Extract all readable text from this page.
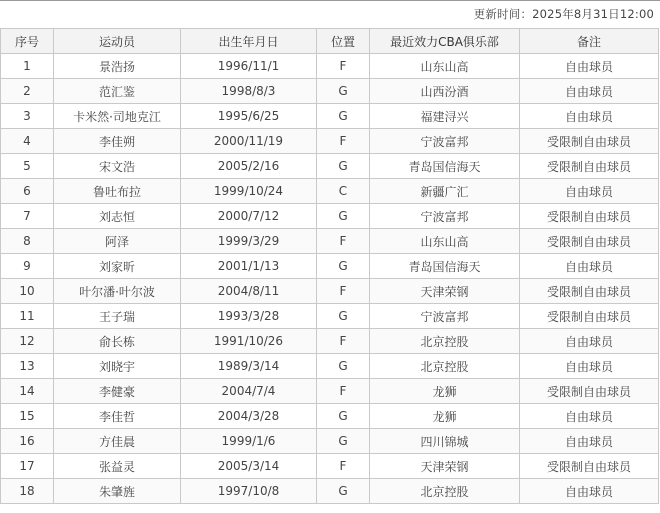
更新时间：2025年8月31日12:00
序号	运动员	出生年月日	位置	最近效力CBA俱乐部	备注
1	景浩扬	1996/11/1	F	山东山高	自由球员
2	范汇鉴	1998/8/3	G	山西汾酒	自由球员
3	卡米然·司地克江	1995/6/25	G	福建浔兴	自由球员
4	李佳朔	2000/11/19	F	宁波富邦	受限制自由球员
5	宋文浩	2005/2/16	G	青岛国信海天	受限制自由球员
6	鲁吐布拉	1999/10/24	C	新疆广汇	自由球员
7	刘志恒	2000/7/12	G	宁波富邦	受限制自由球员
8	阿泽	1999/3/29	F	山东山高	受限制自由球员
9	刘家昕	2001/1/13	G	青岛国信海天	自由球员
10	叶尔潘·叶尔波	2004/8/11	F	天津荣钢	受限制自由球员
11	王子瑞	1993/3/28	G	宁波富邦	受限制自由球员
12	俞长栋	1991/10/26	F	北京控股	自由球员
13	刘晓宇	1989/3/14	G	北京控股	自由球员
14	李健豪	2004/7/4	F	龙狮	受限制自由球员
15	李佳哲	2004/3/28	G	龙狮	自由球员
16	方佳晨	1999/1/6	G	四川锦城	自由球员
17	张益灵	2005/3/14	F	天津荣钢	受限制自由球员
18	朱肇旌	1997/10/8	G	北京控股	自由球员
